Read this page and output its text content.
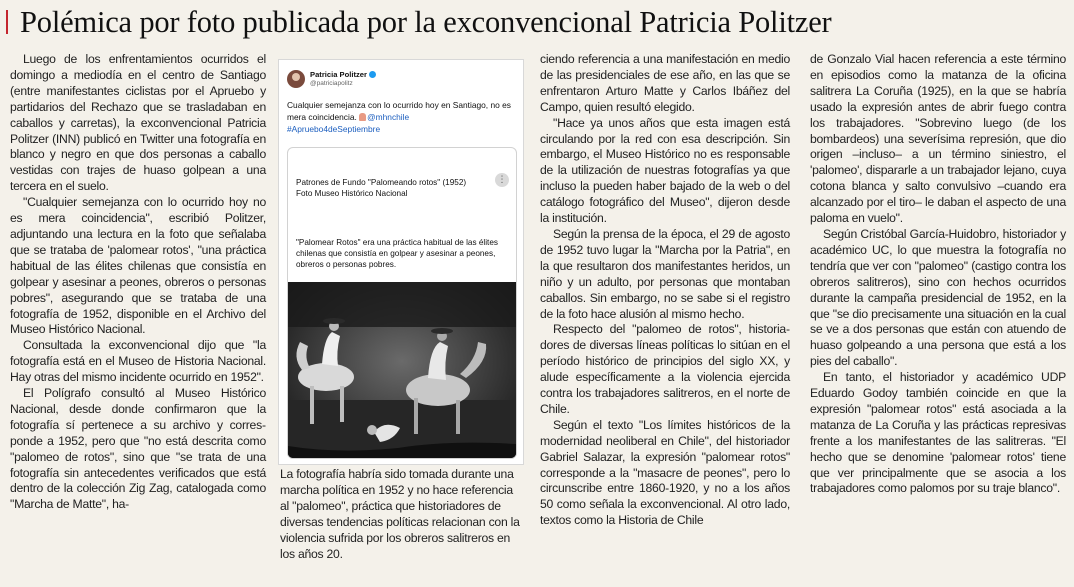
Polémica por foto publicada por la exconvencional Patricia Politzer

Luego de los enfrentamientos ocurridos el domingo a mediodía en el centro de Santiago (entre manifestantes ciclistas por el Apruebo y partidarios del Rechazo que se trasladaban en caballos y carretas), la exconvencional Patricia Politzer (INN) publicó en Twitter una fotografía en blanco y negro en que dos personas a caballo vestidas con trajes de huaso golpean a una tercera en el suelo.

"Cualquier semejanza con lo ocurrido hoy no es mera coincidencia", escribió Politzer, adjuntando una lectura en la foto que señalaba que se trataba de 'palomear rotos', "una práctica habitual de las élites chilenas que consistía en golpear y asesinar a peones, obreros o personas pobres", asegurando que se trataba de una fotografía de 1952, disponible en el Archivo del Museo Histórico Nacional.

Consultada la exconvencional dijo que "la fotografía está en el Museo de Historia Nacional. Hay otras del mismo incidente ocurrido en 1952".

El Polígrafo consultó al Museo Histórico Nacional, desde donde confirmaron que la fotografía sí pertenece a su archivo y corresponde a 1952, pero que "no está descrita como "palomeo de rotos", sino que "se trata de una fotografía sin antecedentes verificados que está dentro de la colección Zig Zag, catalogada como "Marcha de Matte", ha-

Patricia Politzer
@patriciapolitz
Cualquier semejanza con lo ocurrido hoy en Santiago, no es mera coincidencia. @mhnchile
#Apruebo4deSeptiembre
⋮
Patrones de Fundo "Palomeando rotos" (1952)
Foto Museo Histórico Nacional
"Palomear Rotos" era una práctica habitual de las élites chilenas que consistía en golpear y asesinar a peones, obreros o personas pobres.
La fotografía habría sido tomada durante una marcha política en 1952 y no hace referencia al "palomeo", práctica que historiadores de diversas tendencias políticas relacionan con la violencia sufrida por los obreros salitreros en los años 20.

ciendo referencia a una manifestación en medio de las presidenciales de ese año, en las que se enfrentaron Arturo Matte y Carlos Ibáñez del Campo, quien resultó elegido.

"Hace ya unos años que esta imagen está circulando por la red con esa descripción. Sin embargo, el Museo Histórico no es responsable de la utilización de nuestras fotografías ya que incluso la pueden haber bajado de la web o del catálogo fotográfico del Museo", dijeron desde la institución.

Según la prensa de la época, el 29 de agosto de 1952 tuvo lugar la "Marcha por la Patria", en la que resultaron dos manifestantes heridos, un niño y un adulto, por personas que montaban caballos. Sin embargo, no se sabe si el registro de la foto hace alusión al mismo hecho.

Respecto del "palomeo de rotos", historiadores de diversas líneas políticas lo sitúan en el período histórico de principios del siglo XX, y alude específicamente a la violencia ejercida contra los trabajadores salitreros, en el norte de Chile.

Según el texto "Los límites históricos de la modernidad neoliberal en Chile", del historiador Gabriel Salazar, la expresión "palomear rotos" corresponde a la "masacre de peones", pero lo circunscribe entre 1860-1920, y no a los años 50 como señala la exconvencional. Al otro lado, textos como la Historia de Chile

de Gonzalo Vial hacen referencia a este término en episodios como la matanza de la oficina salitrera La Coruña (1925), en la que se habría usado la expresión antes de abrir fuego contra los trabajadores. "Sobrevino luego (de los bombardeos) una severísima represión, que dio origen –incluso– a un término siniestro, el 'palomeo', dispararle a un trabajador lejano, cuya cotona blanca y salto convulsivo –cuando era alcanzado por el tiro– le daban el aspecto de una paloma en vuelo".

Según Cristóbal García-Huidobro, historiador y académico UC, lo que muestra la fotografía no tendría que ver con "palomeo" (castigo contra los obreros salitreros), sino con hechos ocurridos durante la campaña presidencial de 1952, en la que "se dio precisamente una situación en la cual se ve a dos personas que están con atuendo de huaso golpeando a una persona que está a los pies del caballo".

En tanto, el historiador y académico UDP Eduardo Godoy también coincide en que la expresión "palomear rotos" está asociada a la matanza de La Coruña y las prácticas represivas frente a los manifestantes de las salitreras. "El hecho que se denomine 'palomear rotos' tiene que ver principalmente que se asocia a los trabajadores como palomos por su traje blanco".
